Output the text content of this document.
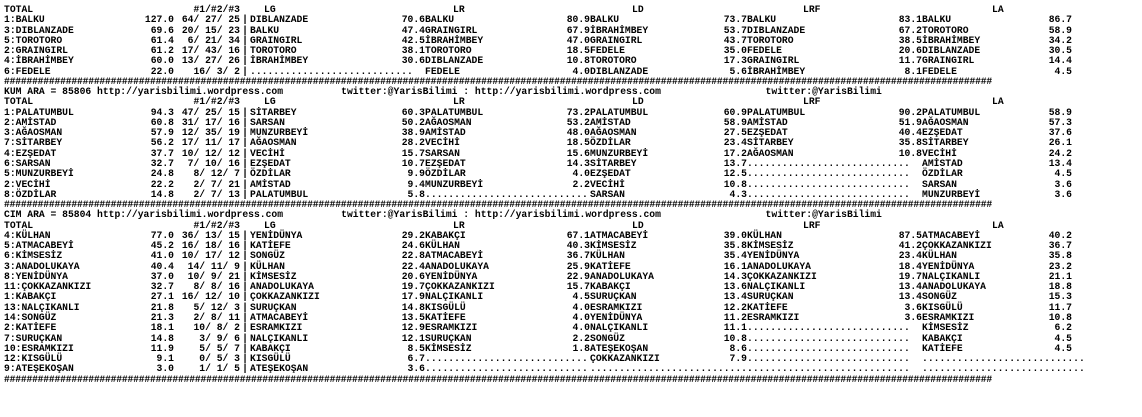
TOTAL	#1/#2/#3
	LG	LR	LD	LRF	LA
1:BALKU	127.0 64/ 27/ 25 | DIBLANZADE	70.6 BALKU	80.9 BALKU	73.7 BALKU	83.1 BALKU	86.7
3:DIBLANZADE	69.6 20/ 15/ 23 | BALKU	47.4 GRAINGIRL	67.9 İBRAHİMBEY	53.7 DIBLANZADE	67.2 TOROTORO	58.9
5:TOROTORO	61.4	6/ 21/ 34 | GRAINGIRL	42.5 İBRAHİMBEY	47.0 GRAINGIRL	43.7 TOROTORO	38.5 İBRAHİMBEY	34.2
2:GRAINGIRL	61.2 17/ 43/ 16 | TOROTORO	38.1 TOROTORO	18.5 FEDELE	35.0 FEDELE	20.6 DIBLANZADE	30.5
4:İBRAHİMBEY	60.0 13/ 27/ 26 | İBRAHİMBEY	30.6 DIBLANZADE	10.8 TOROTORO	17.3 GRAINGIRL	11.7 GRAINGIRL	14.4
6:FEDELE	22.0	16/ 3/ 2 | ............................ FEDELE	4.0 DIBLANZADE	5.6 İBRAHİMBEY	8.1 FEDELE	4.5
################################################################################################################################################################################
KUM ARA = 85806 http://yarisbilimi.wordpress.com          twitter:@YarisBilimi : http://yarisbilimi.wordpress.com                  twitter:@YarisBilimi
TOTAL	#1/#2/#3
	LG	LR	LD	LRF	LA
1:PALATUMBUL	94.3 47/ 25/ 15 | SİTARBEY	60.3 PALATUMBUL	73.2 PALATUMBUL	60.9 PALATUMBUL	90.2 PALATUMBUL	58.9
2:AMİSTAD	60.8 31/ 17/ 16 | SARSAN	50.2 AĞAOSMAN	53.2 AMİSTAD	58.9 AMİSTAD	51.9 AĞAOSMAN	57.3
3:AĞAOSMAN	57.9 12/ 35/ 19 | MUNZURBEYİ	38.9 AMİSTAD	48.0 AĞAOSMAN	27.5 EZŞEDAT	40.4 EZŞEDAT	37.6
7:SİTARBEY	56.2 17/ 11/ 17 | AĞAOSMAN	28.2 VECİHİ	18.5 ÖZDİLAR	23.4 SİTARBEY	35.8 SİTARBEY	26.1
4:EZŞEDAT	37.7 10/ 12/ 12 | VECİHİ	15.7 SARSAN	15.6 MUNZURBEYİ	17.2 AĞAOSMAN	10.8 VECİHİ	24.2
6:SARSAN	32.7	7/ 10/ 16 | EZŞEDAT	10.7 EZŞEDAT	14.3 SİTARBEY	13.7 ............................ AMİSTAD	13.4
5:MUNZURBEYİ	24.8	8/ 12/ 7 | ÖZDİLAR	9.9 ÖZDİLAR	4.0 EZŞEDAT	12.5 ............................ ÖZDİLAR	4.5
2:VECİHİ	22.2	2/ 7/ 21 | AMİSTAD	9.4 MUNZURBEYİ	2.2 VECİHİ	10.8 ............................ SARSAN	3.6
8:ÖZDİLAR	14.8	2/ 7/ 13 | PALATUMBUL	5.8 ............................ SARSAN	4.3 ............................ MUNZURBEYİ	3.6
################################################################################################################################################################################
CIM ARA = 85804 http://yarisbilimi.wordpress.com          twitter:@YarisBilimi : http://yarisbilimi.wordpress.com                  twitter:@YarisBilimi
TOTAL	#1/#2/#3
	LG	LR	LD	LRF	LA
4:KÜLHAN	77.0 36/ 13/ 15 | YENİDÜNYA	29.2 KABAKÇI	67.1 ATMACABEYİ	39.0 KÜLHAN	87.5 ATMACABEYİ	40.2
5:ATMACABEYİ	45.2 16/ 18/ 16 | KATİEFE	24.6 KÜLHAN	40.3 KİMSESİZ	35.8 KİMSESİZ	41.2 ÇOKKAZANKIZI	36.7
6:KİMSESİZ	41.0 10/ 17/ 12 | SONGÜZ	22.8 ATMACABEYİ	36.7 KÜLHAN	35.4 YENİDÜNYA	23.4 KÜLHAN	35.8
3:ANADOLUKAYA	40.4	14/ 11/ 9 | KÜLHAN	22.4 ANADOLUKAYA	25.9 KATİEFE	16.1 ANADOLUKAYA	18.4 YENİDÜNYA	23.2
8:YENİDÜNYA	37.0	10/ 9/ 21 | KİMSESİZ	20.6 YENİDÜNYA	22.9 ANADOLUKAYA	14.3 ÇOKKAZANKIZI	19.7 NALÇIKANLI	21.1
11:ÇOKKAZANKIZI	32.7	8/ 8/ 16 | ANADOLUKAYA	19.7 ÇOKKAZANKIZI	15.7 KABAKÇI	13.6 NALÇIKANLI	13.4 ANADOLUKAYA	18.8
1:KABAKÇI	27.1 16/ 12/ 10 | ÇOKKAZANKIZI	17.9 NALÇIKANLI	4.5 SURUÇKAN	13.4 SURUÇKAN	13.4 SONGÜZ	15.3
13:NALÇIKANLI	21.8	5/ 12/ 3 | SURUÇKAN	14.8 KISGÜLÜ	4.0 ESRAMKIZI	12.2 KATİEFE	3.6 KISGÜLÜ	11.7
14:SONGÜZ	21.3	2/ 8/ 11 | ATMACABEYİ	13.5 KATİEFE	4.0 YENİDÜNYA	11.2 ESRAMKIZI	3.6 ESRAMKIZI	10.8
2:KATİEFE	18.1	10/ 8/ 2 | ESRAMKIZI	12.9 ESRAMKIZI	4.0 NALÇIKANLI	11.1 ............................ KİMSESİZ	6.2
7:SURUÇKAN	14.8	3/ 9/ 6 | NALÇIKANLI	12.1 SURUÇKAN	2.2 SONGÜZ	10.8 ............................ KABAKÇI	4.5
10:ESRAMKIZI	11.9	5/ 5/ 7 | KABAKÇI	8.5 KİMSESİZ	1.8 ATEŞEKOŞAN	8.6 ............................ KATİEFE	4.5
12:KISGÜLÜ	9.1	0/ 5/ 3 | KISGÜLÜ	6.7 ............................ ÇOKKAZANKIZI	7.9 ............................ ............................
9:ATEŞEKOŞAN	3.0	1/ 1/ 5 | ATEŞEKOŞAN	3.6 ............................ ............................
............................ ............................
################################################################################################################################################################################
